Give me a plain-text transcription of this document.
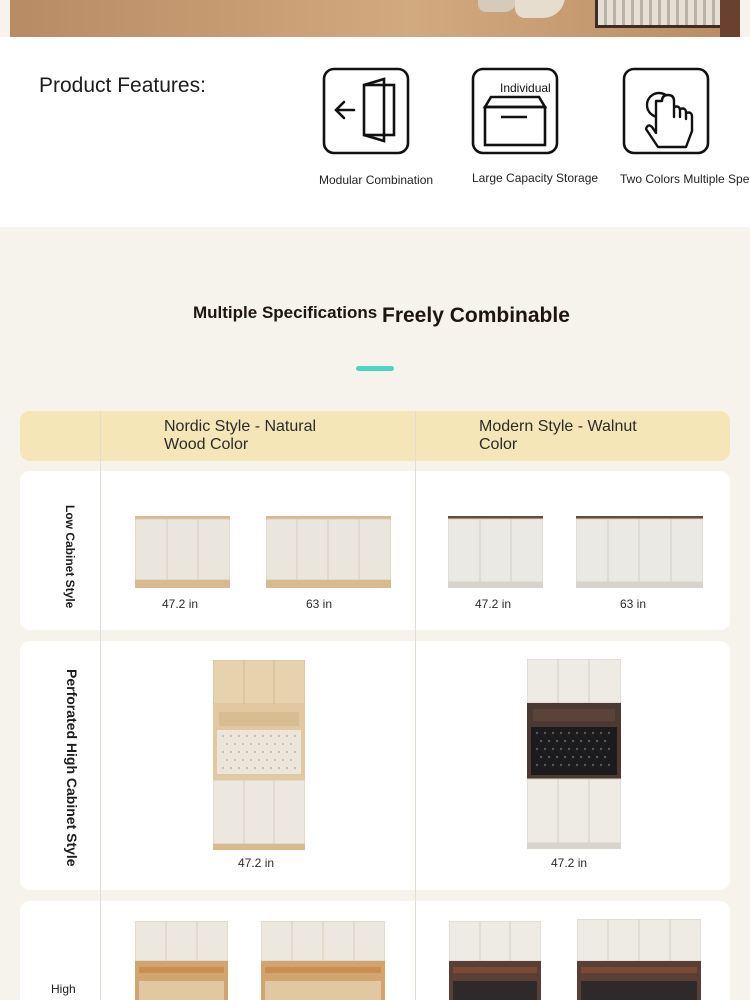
Product Features:
Modular Combination
Individual
Large Capacity Storage Two Colors Multiple Spe
Multiple Specifications Freely Combinable
Nordic Style - Natural Wood Color
Modern Style - Walnut Color
Low Cabinet Style	47.2 in	63 in	47.2 in	63 in
Perforated High Cabinet Style	47.2 in	47.2 in
High
